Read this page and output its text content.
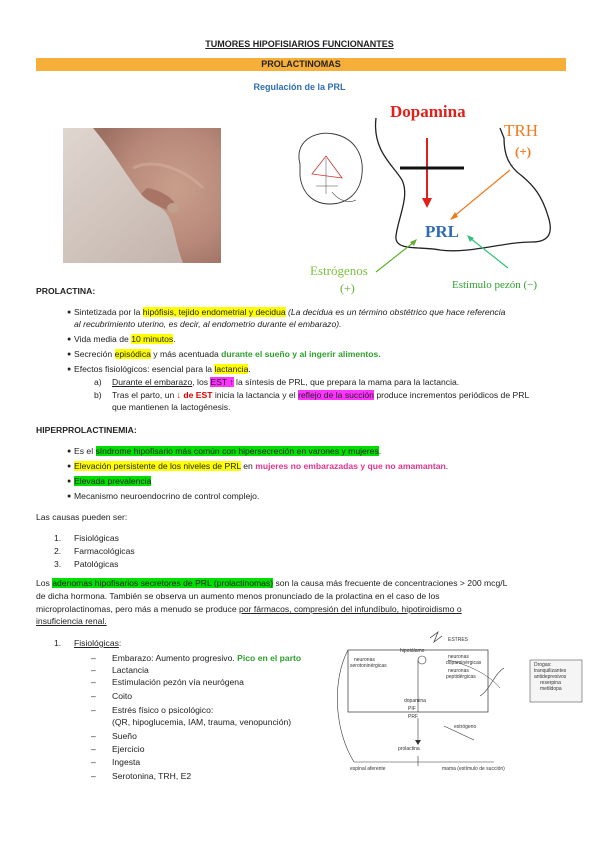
TUMORES HIPOFISIARIOS FUNCIONANTES
PROLACTINOMAS
Regulación de la PRL
Dopamina
TRH
(+)
PRL
Estrógenos
(+)	Estímulo pezón (−)
PROLACTINA:
● Sintetizada por la hipófisis, tejido endometrial y decidua (La decidua es un término obstétrico que hace referencia
al recubrimiento uterino, es decir, al endometrio durante el embarazo).
● Vida media de 10 minutos.
● Secreción episódica y más acentuada durante el sueño y al ingerir alimentos.
● Efectos fisiológicos: esencial para la lactancia.
a) Durante el embarazo, los EST ↑ la síntesis de PRL, que prepara la mama para la lactancia.
b) Tras el parto, un ↓ de EST inicia la lactancia y el reflejo de la succión produce incrementos periódicos de PRL
que mantienen la lactogénesis.
HIPERPROLACTINEMIA:
● Es el síndrome hipofisario más común con hipersecreción en varones y mujeres.
● Elevación persistente de los niveles de PRL en mujeres no embarazadas y que no amamantan.
● Elevada prevalencia
● Mecanismo neuroendocrino de control complejo.
Las causas pueden ser:
1. Fisiológicas
2. Farmacológicas
3. Patológicas
Los adenomas hipofisarios secretores de PRL (prolactinomas) son la causa más frecuente de concentraciones > 200 mcg/L
de dicha hormona. También se observa un aumento menos pronunciado de la prolactina en el caso de los
microprolactinomas, pero más a menudo se produce por fármacos, compresión del infundíbulo, hipotiroidismo o
insuficiencia renal.
1. Fisiológicas:
– Embarazo: Aumento progresivo. Pico en el parto
– Lactancia
– Estimulación pezón vía neurógena
– Coito
– Estrés físico o psicológico:
(QR, hipoglucemia, IAM, trauma, venopunción)
– Sueño
– Ejercicio
– Ingesta
– Serotonina, TRH, E2
ESTRES
hipotálamo
neuronas
serotoninérgicas
neuronas
dopaminérgicas
neuronas
peptidérgicas
Drogas:
tranquilizantes
antidepresivos
reserpina
metildopa
dopamina
PIF
PRF
estrógeno
prolactina
espinal aferente	mama (estímulo de succión)
